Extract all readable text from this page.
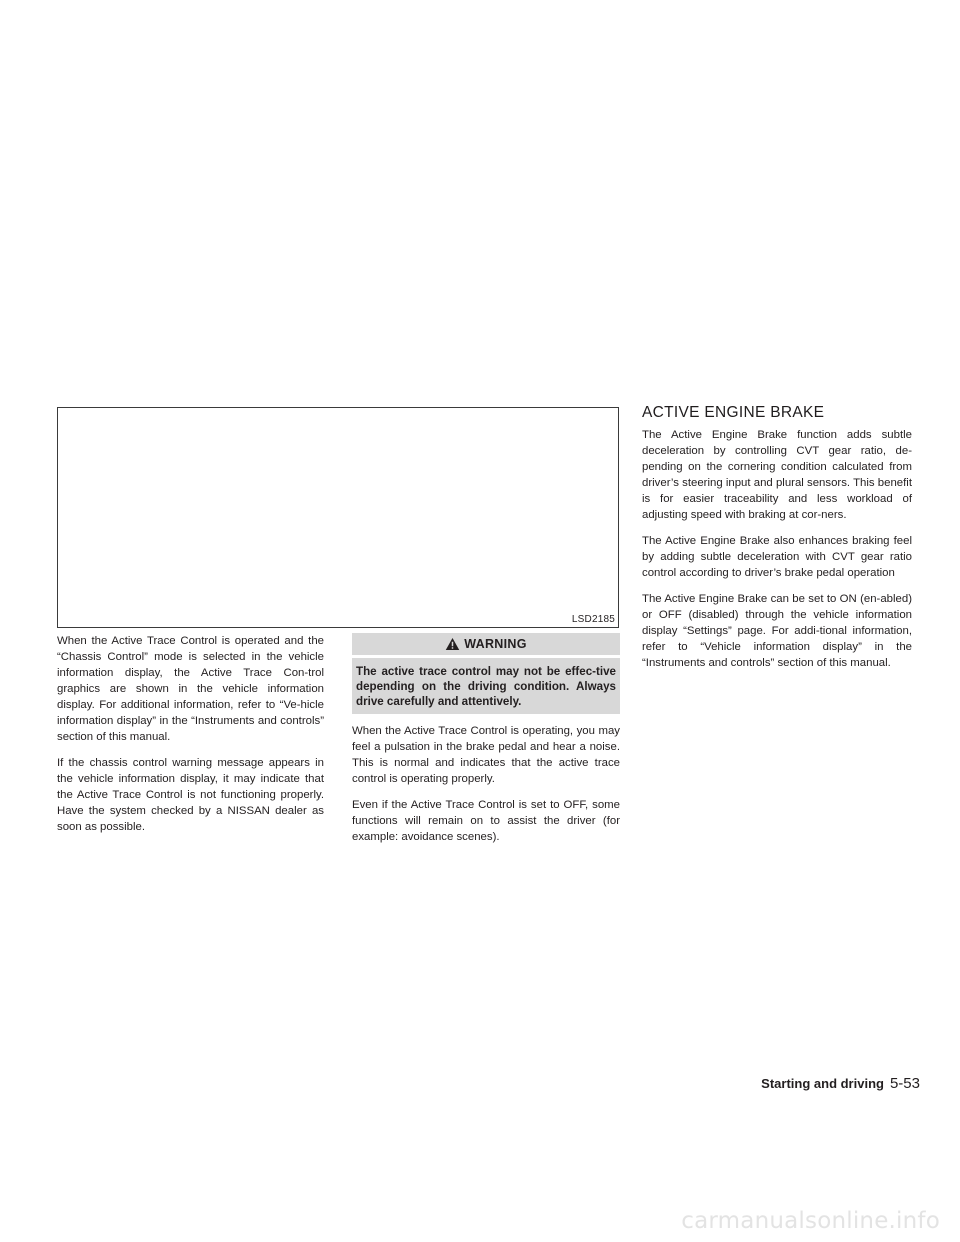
LSD2185

When the Active Trace Control is operated and the “Chassis Control” mode is selected in the vehicle information display, the Active Trace Con-trol graphics are shown in the vehicle information display. For additional information, refer to “Ve-hicle information display” in the “Instruments and controls” section of this manual.

If the chassis control warning message appears in the vehicle information display, it may indicate that the Active Trace Control is not functioning properly. Have the system checked by a NISSAN dealer as soon as possible.

WARNING
The active trace control may not be effec-tive depending on the driving condition. Always drive carefully and attentively.

When the Active Trace Control is operating, you may feel a pulsation in the brake pedal and hear a noise. This is normal and indicates that the active trace control is operating properly.

Even if the Active Trace Control is set to OFF, some functions will remain on to assist the driver (for example: avoidance scenes).

ACTIVE ENGINE BRAKE

The Active Engine Brake function adds subtle deceleration by controlling CVT gear ratio, de-pending on the cornering condition calculated from driver’s steering input and plural sensors. This benefit is for easier traceability and less workload of adjusting speed with braking at cor-ners.

The Active Engine Brake also enhances braking feel by adding subtle deceleration with CVT gear ratio control according to driver’s brake pedal operation

The Active Engine Brake can be set to ON (en-abled) or OFF (disabled) through the vehicle information display “Settings” page. For addi-tional information, refer to “Vehicle information display” in the “Instruments and controls” section of this manual.

Starting and driving 5-53
carmanualsonline.info
